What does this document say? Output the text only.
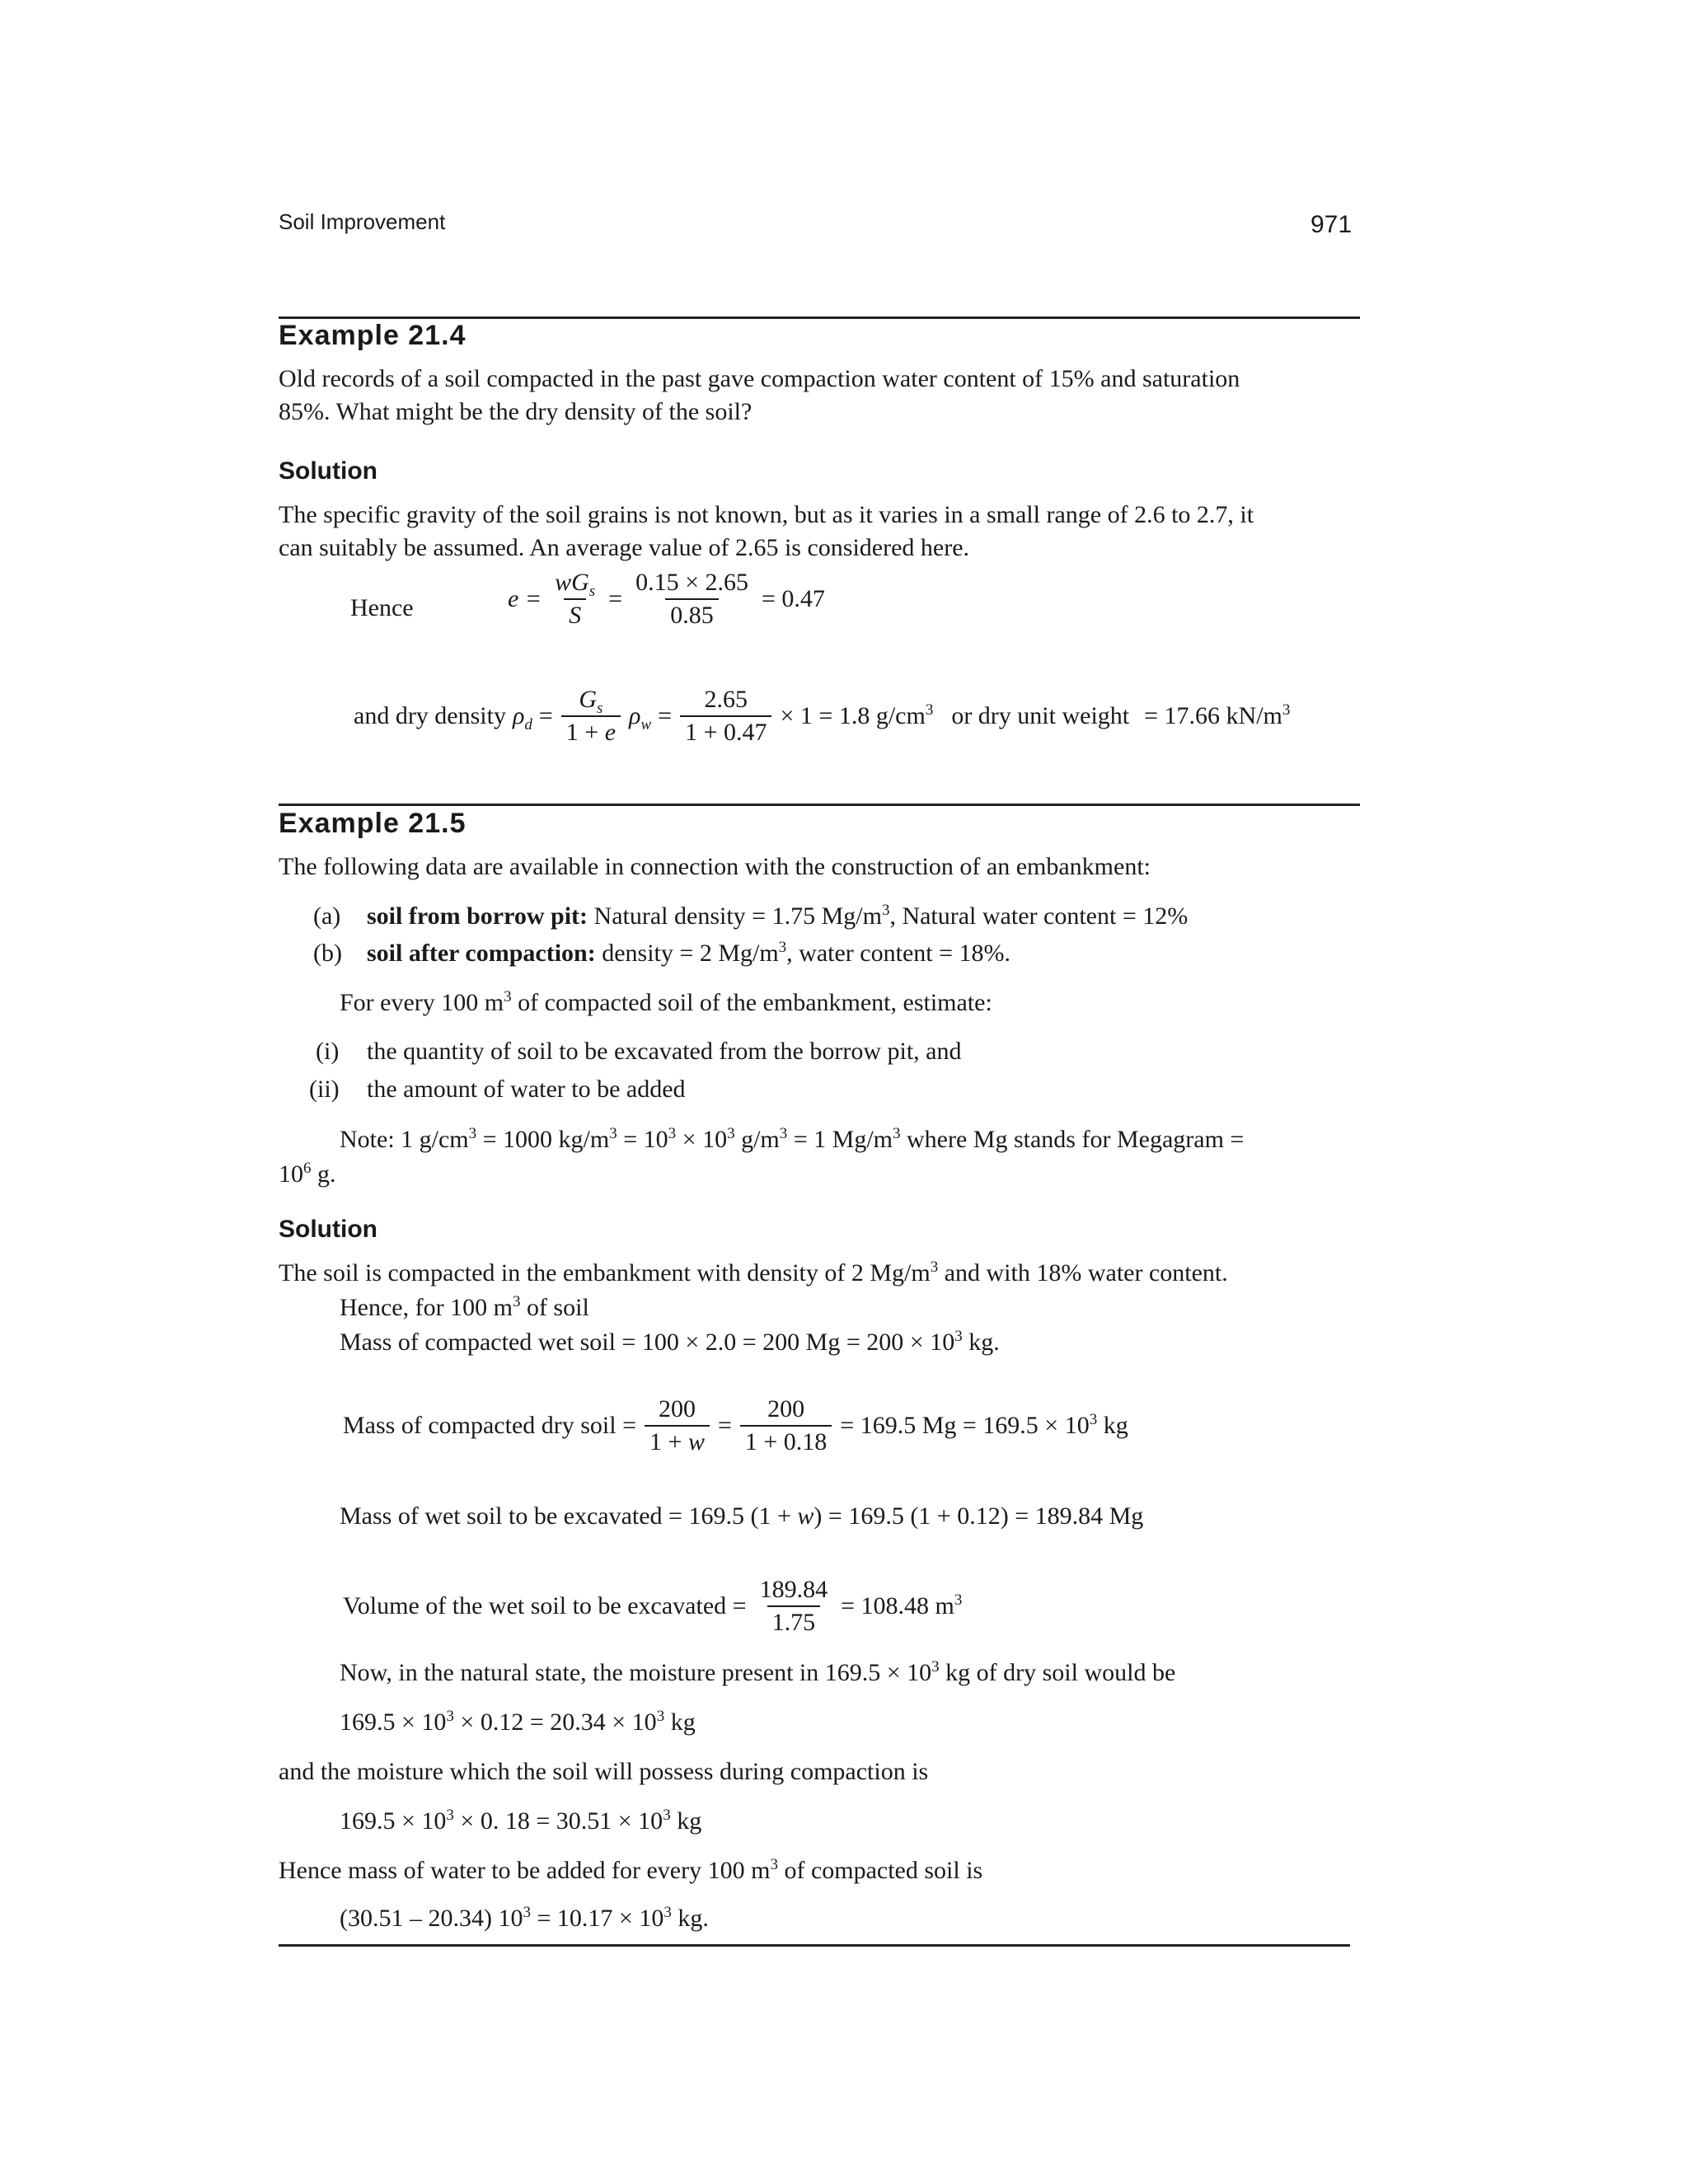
Soil Improvement	971
Example 21.4
Old records of a soil compacted in the past gave compaction water content of 15% and saturation
85%. What might be the dry density of the soil?
Solution
The specific gravity of the soil grains is not known, but as it varies in a small range of 2.6 to 2.7, it
can suitably be assumed. An average value of 2.65 is considered here.
Hence	$e = \frac{wG_s}{S} = \frac{0.15 \times 2.65}{0.85} = 0.47$
and dry density $\rho_d = \frac{G_s}{1 + e} \rho_w = \frac{2.65}{1 + 0.47} \times 1 = 1.8$ $g/cm^3$ or dry unit weight = 17.66 $kN/m^3$
Example 21.5
The following data are available in connection with the construction of an embankment:
(a) soil from borrow pit: Natural density = 1.75 $Mg/m^3$, Natural water content = 12%
(b) soil after compaction: density = 2 $Mg/m^3$, water content = 18%.
For every 100 $m^3$ of compacted soil of the embankment, estimate:
(i) the quantity of soil to be excavated from the borrow pit, and
(ii) the amount of water to be added
Note: 1 $g/cm^3 = 1000$ $kg/m^3 = 10^3 \times 10^3$ $g/m^3 = 1$ $Mg/m^3$ where Mg stands for Megagram =
$10^6$ g.
Solution
The soil is compacted in the embankment with density of 2 $Mg/m^3$ and with 18% water content.
Hence, for 100 $m^3$ of soil
Mass of compacted wet soil = 100 × 2.0 = 200 $Mg = 200 \times 10^3$ kg.
Mass of compacted dry soil = $\frac{200}{1 + w} = \frac{200}{1 + 0.18} = 169.5$ $Mg = 169.5 \times 10^3$ kg
Mass of wet soil to be excavated = 169.5 (1 + w) = 169.5 (1 + 0.12) = 189.84 Mg
Volume of the wet soil to be excavated = $\frac{189.84}{1.75} = 108.48$ $m^3$
Now, in the natural state, the moisture present in $169.5 \times 10^3$ kg of dry soil would be
$169.5 \times 10^3 \times 0.12 = 20.34 \times 10^3$ kg
and the moisture which the soil will possess during compaction is
$169.5 \times 10^3 \times 0$. $18 = 30.51 \times 10^3$ kg
Hence mass of water to be added for every 100 $m^3$ of compacted soil is
(30.51 – 20.34) $10^3 = 10.17 \times 10^3$ kg.
